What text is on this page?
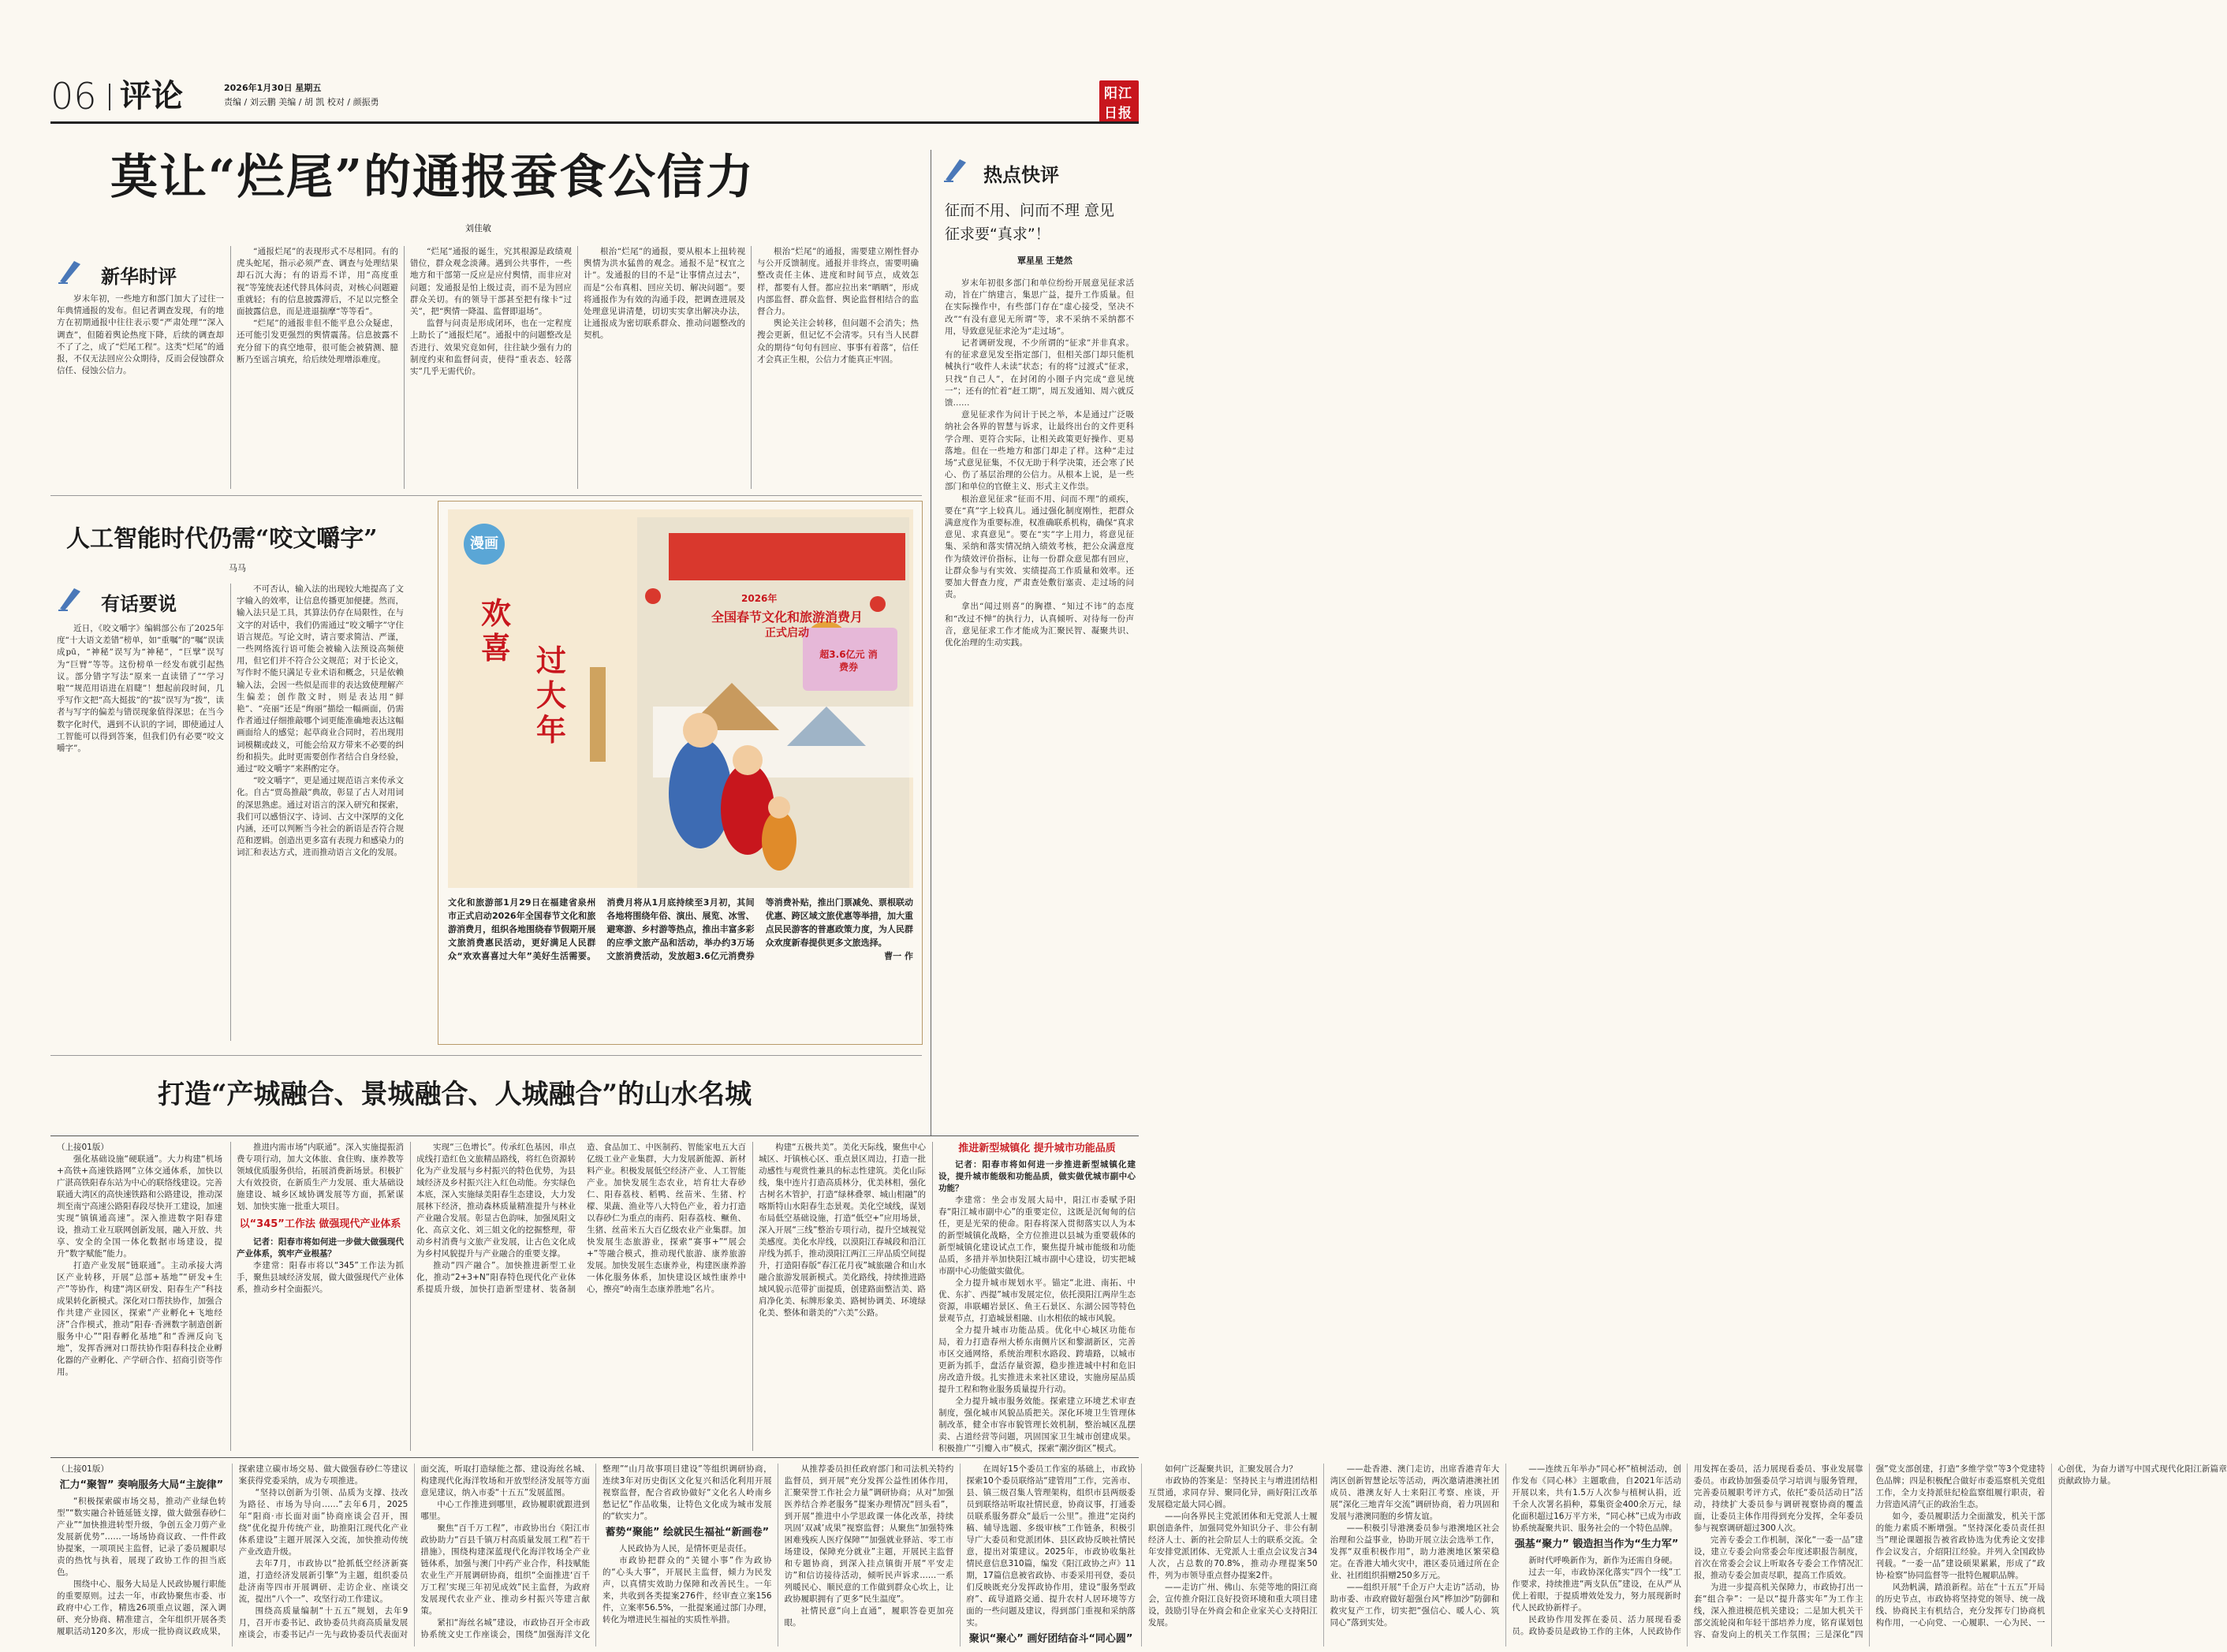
06 评论	2026年1月30日 星期五
责编 / 刘云鹏 美编 / 胡 凯 校对 / 颜振勇
阳江日报
莫让“烂尾”的通报蚕食公信力
刘佳敏
新华时评

岁末年初，一些地方和部门加大了过往一年典情通报的发布。但记者调查发现，有的地方在初期通报中往往表示要“严肃处理”“深入调查”，但随着舆论热度下降，后续的调查却不了了之，成了“烂尾工程”。这类“烂尾”的通报，不仅无法回应公众期待，反而会侵蚀群众信任、侵蚀公信力。

“通报烂尾”的表现形式不尽相同。有的虎头蛇尾，指示必须严查、调查与处理结果却石沉大海；有的语焉不详，用“高度重视”等笼统表述代替具体问责，对核心问题避重就轻；有的信息披露滞后，不足以完整全面披露信息，而是进退揣摩“等等看”。

“烂尾”的通报非但不能平息公众疑虑，还可能引发更强烈的舆情震荡。信息披露不充分留下的真空地带，很可能会被猜测、臆断乃至谣言填充，给后续处理增添难度。

“烂尾”通报的诞生，究其根源是政绩观错位，群众观念淡薄。遇到公共事件，一些地方和干部第一反应是应付舆情，而非应对问题；发通报是怕上级过责，而不是为回应群众关切。有的领导干部甚至把有缘卡“过关”，把“舆情一降温、监督即退场”。

监督与问责是形成闭环，也在一定程度上助长了“通报烂尾”。通报中的问题整改是否进行、效果究竟如何，往往缺少强有力的制度约束和监督问责，使得“重表态、轻落实”几乎无需代价。

根治“烂尾”的通报，要从根本上扭转视舆情为洪水猛兽的观念。通报不是“权宜之计”。发通报的目的不是“让事情点过去”，而是“公布真相、回应关切、解决问题”。要将通报作为有效的沟通手段，把调查进展及处理意见讲清楚，切切实实拿出解决办法，让通报成为密切联系群众、推动问题整改的契机。

根治“烂尾”的通报，需要建立刚性督办与公开反馈制度。通报并非终点，需要明确整改责任主体、进度和时间节点，成效怎样，都要有人督。都应拉出来“晒晒”，形成内部监督、群众监督、舆论监督相结合的监督合力。

舆论关注会转移，但问题不会消失；热搜会更新，但记忆不会清零。只有当人民群众的期待“句句有回应、事事有着落”，信任才会真正生根，公信力才能真正牢固。

热点快评
征而不用、问而不理 意见征求要“真求”！
覃星星 王楚然

岁末年初很多部门和单位纷纷开展意见征求活动，旨在广纳建言，集思广益，提升工作质量。但在实际操作中，有些部门存在“虚心接受，坚决不改”“有没有意见无所谓”等，求不采纳不采纳都不用，导致意见征求沦为“走过场”。

记者调研发现，不少所谓的“征求”并非真求。有的征求意见发至指定部门，但相关部门却只能机械执行“收件人未读”状态；有的将“过渡式”征求，只找“自己人”，在封闭的小圈子内完成“意见统一”；还有的忙着“赶工期”，周五发通知、周六就反馈……

意见征求作为问计于民之举，本是通过广泛吸纳社会各界的智慧与诉求，让最终出台的文件更科学合理、更符合实际，让相关政策更好操作、更易落地。但在一些地方和部门却走了样。这种“走过场”式意见征集，不仅无助于科学决策，还会寒了民心、伤了基层治理的公信力。从根本上说，是一些部门和单位的官僚主义、形式主义作祟。

根治意见征求“征而不用、问而不理”的顽疾，要在“真”字上较真儿。通过强化制度刚性，把群众满意度作为重要标准，权准确联系机构，确保“真求意见、求真意见”。要在“实”字上用力，将意见征集、采纳和落实情况纳入绩效考核，把公众满意度作为绩效评价指标，让每一份群众意见都有回应，让群众参与有实效、实绩提高工作质量和效率。还要加大督查力度，严肃查处敷衍塞责、走过场的问责。

拿出“闻过则喜”的胸襟、“知过不讳”的态度和“改过不惮”的执行力，认真倾听、对待每一份声音，意见征求工作才能成为汇聚民智、凝聚共识、优化治理的生动实践。

人工智能时代仍需“咬文嚼字”
马马
有话要说

近日，《咬文嚼字》编辑部公布了2025年度“十大语文差错”榜单，如“重嘱”的“嘱”误读成pū，“神秘”误写为“神秘”，“巨擘”误写为“巨臂”等等。这份榜单一经发布就引起热议。部分错字写法“原来一直读错了”“学习啦”“规范用语进在眉睫”！想起前段时间，几乎写作文把“高大挺拔”的“拔”误写为“拨”，读者与写字的偏差与错误现象值得深思；在当今数字化时代，遇到不认识的字词，即使通过人工智能可以得到答案，但我们仍有必要“咬文嚼字”。

不可否认，输入法的出现较大地提高了文字输入的效率，让信息传播更加便捷。然而，输入法只是工具，其算法仍存在局限性，在与文字的对话中，我们仍需通过“咬文嚼字”守住语言规范。写论文时，请言要求简洁、严谨，一些网络流行语可能会被输入法预设高频使用，但它们并不符合公文规范；对于长论文，写作时不能只满足专业术语和概念，只是依赖输入法，会因一些似是而非的表达致使理解产生偏差；创作散文时，则是表达用“鲜艳”、“亮丽”还是“绚丽”描绘一幅画面，仍需作者通过仔细推敲哪个词更能准确地表达这幅画面给人的感觉；起草商业合同时，若出现用词模糊或歧义，可能会给双方带来不必要的纠纷和损失。此时更需要创作者结合自身经验，通过“咬文嚼字”来斟酌定夺。

“咬文嚼字”，更是通过规范语言来传承文化。自古“贾岛推敲”典故，彰显了古人对用词的深思熟虑。通过对语言的深入研究和探索，我们可以感悟汉字、诗词、古文中深厚的文化内涵，还可以判断当今社会的新语是否符合规范和逻辑。创造出更多富有表现力和感染力的词汇和表达方式，进而推动语言文化的发展。

漫画
欢喜 过大年
2026年
全国春节文化和旅游消费月
正式启动
超3.6亿元 消费券
文化和旅游部1月29日在福建省泉州市正式启动2026年全国春节文化和旅游消费月，组织各地围绕春节假期开展文旅消费惠民活动，更好满足人民群众“欢欢喜喜过大年”美好生活需要。消费月将从1月底持续至3月初，其间各地将围绕年俗、演出、展览、冰雪、避寒游、乡村游等热点，推出丰富多彩的应季文旅产品和活动，举办约3万场文旅消费活动，发放超3.6亿元消费券等消费补贴，推出门票减免、票根联动优惠、跨区域文旅优惠等举措，加大重点民民游客的普惠政策力度，为人民群众欢度新春提供更多文旅选择。
曹一 作
打造“产城融合、景城融合、人城融合”的山水名城

（上接01版）

强化基础设施“硬联通”。大力构建“机场+高铁+高速铁路网”立体交通体系，加快以广湛高铁阳春东站为中心的联络线建设。完善联通大湾区的高快速铁路和公路建设，推动深圳至南宁高速公路阳春段尽快开工建设，加速实现“镇镇通高速”。深入推进数字阳春建设，推动工业互联网创新发展，融入开放、共享、安全的全国一体化数据市场建设，提升“数字赋能”能力。

打造产业发展“链联通”。主动承接大湾区产业转移，开展“总部+基地”“研发+生产”等协作，构建“湾区研发、阳春生产”科技成果转化新模式。深化对口帮扶协作，加强合作共建产业园区，探索“产业孵化+飞地经济”合作模式，推动“阳春·香洲数字制造创新服务中心”“阳春孵化基地”和“香洲反向飞地”，发挥香洲对口帮扶协作阳春科技企业孵化器的产业孵化、产学研合作、招商引资等作用。

推进内需市场“内联通”。深入实施提振消费专项行动，加大文体旅、食住购、康养教等领域优质服务供给，拓展消费新场景。积极扩大有效投资，在新质生产力发展、重大基础设施建设、城乡区域协调发展等方面，抓紧谋划、加快实施一批重大项目。

以“345”工作法 做强现代产业体系

记者：阳春市将如何进一步做大做强现代产业体系，筑牢产业根基？

李建常：阳春市将以“345”工作法为抓手，聚焦县域经济发展，做大做强现代产业体系，推动乡村全面振兴。

实现“三色增长”。传承红色基因，串点成线打造红色文旅精品路线，将红色资源转化为产业发展与乡村振兴的特色优势，为县域经济及乡村振兴注入红色动能。夯实绿色本底，深入实施绿美阳春生态建设，大力发展林下经济，推动森林质量精准提升与林业产业融合发展。彰显古色韵味，加强凤阳文化、高京文化、刘三姐文化的挖掘整理，带动乡村消费与文旅产业发展，让古色文化成为乡村风貌提升与产业融合的重要支撑。

推动“四产融合”。加快推进新型工业化，推动“2+3+N”阳春特色现代化产业体系提质升级，加快打造新型建材、装备制造、食品加工、中医制药、智能家电五大百亿级工业产业集群，大力发展新能源、新材料产业。积极发展低空经济产业、人工智能产业。加快发展生态农业，培育壮大春砂仁、阳春荔枝、稻鸭、丝苗米、生猪、柠檬、果蔬、渔业等八大特色产业，着力打造以春砂仁为重点的南药、阳春荔枝、鳜鱼、生猪、丝苗米五大百亿级农业产业集群。加快发展生态旅游业，探索“赛事+”“展会+”等融合模式，推动现代旅游、康养旅游发展。加快发展生态康养业，构建医康养游一体化服务体系，加快建设区域性康养中心，擦亮“岭南生态康养胜地”名片。

构建“五极共美”。美化天际线，聚焦中心城区、圩镇核心区、重点景区周边，打造一批动感性与观赏性兼具的标志性建筑。美化山际线，集中连片打造高质林分，优美林相，强化古树名木管护，打造“绿林叠翠、城山相融”的喀斯特山水阳春生态景观。美化空域线，谋划布局低空基础设施，打造“低空+”应用场景，深入开展“三线”整治专项行动，提升空域视觉美感度。美化水岸线，以漠阳江春城段和沿江岸线为抓手，推动漠阳江两江三岸品质空间提升，打造阳春版“春江花月夜”城旅融合和山水融合旅游发展新模式。美化路线，持续推进路域风貌示范带扩面提质，创建路面整洁美、路肩净化美、标牌形象美、路树协调美、环境绿化美、整体和谐美的“六美”公路。

推进新型城镇化 提升城市功能品质

记者：阳春市将如何进一步推进新型城镇化建设，提升城市能级和功能品质，做实做优城市副中心功能？

李建常：坐会市发展大局中，阳江市委赋予阳春“阳江城市副中心”的重要定位，这既是沉甸甸的信任，更是光荣的使命。阳春将深入贯彻落实以人为本的新型城镇化战略，全方位推进以县城为重要载体的新型城镇化建设试点工作，聚焦提升城市能级和功能品质，多措并举加快阳江城市副中心建设，切实把城市副中心功能做实做优。

全力提升城市规划水平。锚定“北进、南拓、中优、东扩、西提”城市发展定位，依托漠阳江两岸生态资源，串联嵋岩景区、鱼王石景区、东湖公园等特色景观节点，打造城景相融、山水相依的城市风貌。

全力提升城市功能品质。优化中心城区功能布局，着力打造春州大桥东南侧片区和黎湖新区，完善市区交通网络，系统治理积水路段、跨墙路，以城市更新为抓手，盘活存量资源，稳步推进城中村和危旧房改造升级。扎实推进未来社区建设，实施房屋品质提升工程和物业服务质量提升行动。

全力提升城市服务效能。探索建立环境艺术审查制度，强化城市风貌品质把关。深化环境卫生管理体制改革，健全市容市貌管理长效机制，整治城区乱摆卖、占道经营等问题，巩固国家卫生城市创建成果。积极推广“引瓣入市”模式，探索“潮汐街区”模式。

（上接01版）

汇力“聚智” 奏响服务大局“主旋律”

“积极探索碳市场交易，推动产业绿色转型”“数实融合补链延链支撑，做大做强春砂仁产业”“加快推进转型升级，争创五金刀剪产业发展新优势”……一场场协商议政、一件件政协提案，一项项民主监督，记录了委员履职尽责的热忱与执着，展现了政协工作的担当底色。

围绕中心、服务大局是人民政协履行职能的重要原则。过去一年，市政协聚焦市委、市政府中心工作，精选26项重点议题，深入调研、充分协商、精准建言，全年组织开展各类履职活动120多次，形成一批协商议政成果，探索建立碳市场交易、做大做强春砂仁等建议案获得党委采纳，成为专项推进。

“坚持以创新为引领、品质为支撑、技改为路径、市场为导向……”去年6月，2025年“阳商·市长面对面”协商座谈会召开，围绕“优化提升传统产业，助推阳江现代化产业体系建设”主题开展深入交流，加快推动传统产业改造升级。

去年7月，市政协以“抢抓低空经济新赛道，打造经济发展新引擎”为主题，组织委员赴济南等四市开展调研、走访企业、座谈交流，提出“八个一”、攻坚行动工作建议。

围绕高质量编制“十五五”规划，去年9月，召开市委书记、政协委员共商高质量发展座谈会，市委书记卢一先与政协委员代表面对面交流，听取打造绿能之都、建设海丝名城、构建现代化海洋牧场和开放型经济发展等方面意见建议，纳入市委“十五五”发展蓝图。

中心工作推进到哪里，政协履职就跟进到哪里。

聚焦“百千万工程”，市政协出台《阳江市政协助力“百县千镇万村高质量发展工程”若干措施》，围绕构建深蓝现代化海洋牧场全产业链体系，加强与澳门中药产业合作，科技赋能农业生产开展调研协商，组织“全面推进‘百千万工程’实现三年初见成效”民主监督，为政府发展现代农业产业、推动乡村振兴等建言献策。

紧扣“海丝名城”建设，市政协召开全市政协系统文史工作座谈会，围绕“加强海洋文化整理”“山月故事项目建设”等组织调研协商，连续3年对历史街区文化复兴和活化利用开展视察监督，配合省政协做好“文化名人岭南乡愁记忆”作品收集，让特色文化成为城市发展的“软实力”。

蓄势“聚能” 绘就民生福祉“新画卷”

人民政协为人民，是情怀更是责任。

市政协把群众的“关键小事”作为政协的“心头大事”，开展民主监督，倾力为民发声，以真情实效助力保障和改善民生。一年来，共收到各类提案276件，经审查立案156件，立案率56.5%，一批提案通过部门办理，转化为增进民生福祉的实质性举措。

从推荐委员担任政府部门和司法机关特约监督员，到开展“充分发挥公益性团体作用，汇聚荣誉工作社会力量”调研协商；从对“加强医养结合养老服务”提案办理情况“回头看”，到开展“推进中小学思政课一体化改革，持续巩固‘双减’成果”视察监督；从聚焦“加强特殊困难残疾人医疗保障”“加强就业驿站、零工市场建设，保障充分就业”主题，开展民主监督和专题协商，到深入挂点镇街开展“平安走访”和信访接待活动，倾听民声诉求……一系列暖民心、顺民意的工作做到群众心坎上，让政协履职拥有了更多“民生温度”。

社情民意“向上直通”，履职答卷更加亮眼。

在周好15个委员工作室的基础上，市政协探索10个委员联络站“建管用”工作，完善市、县、镇三级召集人管理架构，组织市县两级委员到联络站听取社情民意，协商议事，打通委员联系服务群众“最后一公里”。推进“定岗约稿、辅导选题、多级审核”工作链条，积极引导广大委员和党派团体、县区政协反映社情民意，提出对策建议。2025年，市政协收集社情民意信息310篇，编发《阳江政协之声》11期，17篇信息被省政协、市委采用刊登，委员们反映既充分发挥政协作用，建设“服务型政府”、疏导道路交通、提升农村人居环境等方面的一些问题及建议，得到部门重视和采纳落实。

聚识“聚心” 画好团结奋斗“同心圆”

如何广泛凝聚共识，汇聚发展合力？

市政协的答案是：坚持民主与增进团结相互贯通，求同存异、聚同化异，画好阳江改革发展稳定最大同心圆。

——向各界民主党派团体和无党派人士履职创造条件，加强同党外知识分子、非公有制经济人士、新的社会阶层人士的联系交流。全年安排党派团体、无党派人士重点会议发言34人次，占总数的70.8%，推动办理提案50件，列为市领导重点督办提案2件。

——走访广州、佛山、东莞等地的阳江商会，宣传推介阳江良好投资环境和重大项目建设，鼓励引导在外商会和企业家关心支持阳江发展。

——赴香港、澳门走访，出席香港青年大湾区创新智慧论坛等活动，两次邀请港澳社团成员、港澳友好人士来阳江考察、座谈，开展“深化三地青年交流”调研协商，着力巩固和发展与港澳同胞的乡情友谊。

——积极引导港澳委员参与港澳地区社会治理和公益事业，协助开展立法会选举工作，发挥“双重积极作用”，助力港澳地区繁荣稳定。在香港大埔火灾中，港区委员通过所在企业、社团组织捐赠250多万元。

——组织开展“千企万户大走访”活动，协助市委、市政府做好超强台风“桦加沙”防御和救灾复产工作，切实把“强信心、暖人心、筑同心”落到实处。

——连续五年举办“同心杯”植树活动，创作发布《同心林》主题歌曲，自2021年活动开展以来，共有1.5万人次参与植树认捐，近千余人次署名捐种，募集资金400余万元，绿化面积超过16万平方米，“同心林”已成为市政协系统凝聚共识、服务社会的一个特色品牌。

强基“聚力” 锻造担当作为“生力军”

新时代呼唤新作为，新作为还需自身硬。

过去一年，市政协深化落实“四个一线”工作要求，持续推进“两支队伍”建设，在从严从优上着眼，于提质增效处发力，努力展现新时代人民政协新样子。

民政协作用发挥在委员、活力展现看委员。政协委员是政协工作的主体，人民政协作用发挥在委员，活力展现看委员、事业发展靠委员。市政协加强委员学习培训与服务管理，完善委员履职考评方式，依托“委员活动日”活动，持续扩大委员参与调研视察协商的覆盖面，让委员主体作用得到充分发挥，全年委员参与视察调研超过300人次。

完善专委会工作机制，深化“一委一品”建设，建立专委会向常委会年度述职报告制度，首次在常委会会议上听取各专委会工作情况汇报，推动专委会加责尽职，提高工作质效。

为进一步提高机关保障力，市政协打出一套“组合拳”：一是以“提升落实年”为工作主线，深入推进模范机关建设；二是加大机关干部交流轮岗和年轻干部培养力度，铭育谋划包容、奋发向上的机关工作氛围；三是深化“四强”党支部创建，打造“多维学堂”等3个党建特色品牌；四是积极配合做好市委巡察机关党组工作，全力支持派驻纪检监察组履行职责，着力营造风清气正的政治生态。

如今，委员履职活力全面激发，机关干部的能力素质不断增强。“坚持深化委员责任担当”理论课题报告被省政协选为优秀论文安排作会议发言，介绍阳江经验。并列入全国政协刊载。“一委一品”建设硕果累累，形成了“政协·检察”协同监督等一批特色履职品牌。

风劲帆满，踏浪新程。站在“十五五”开局的历史节点，市政协将坚持党的领导、统一战线、协商民主有机结合，充分发挥专门协商机构作用，一心向党、一心履职、一心为民、一心创优，为奋力谱写中国式现代化阳江新篇章贡献政协力量。
